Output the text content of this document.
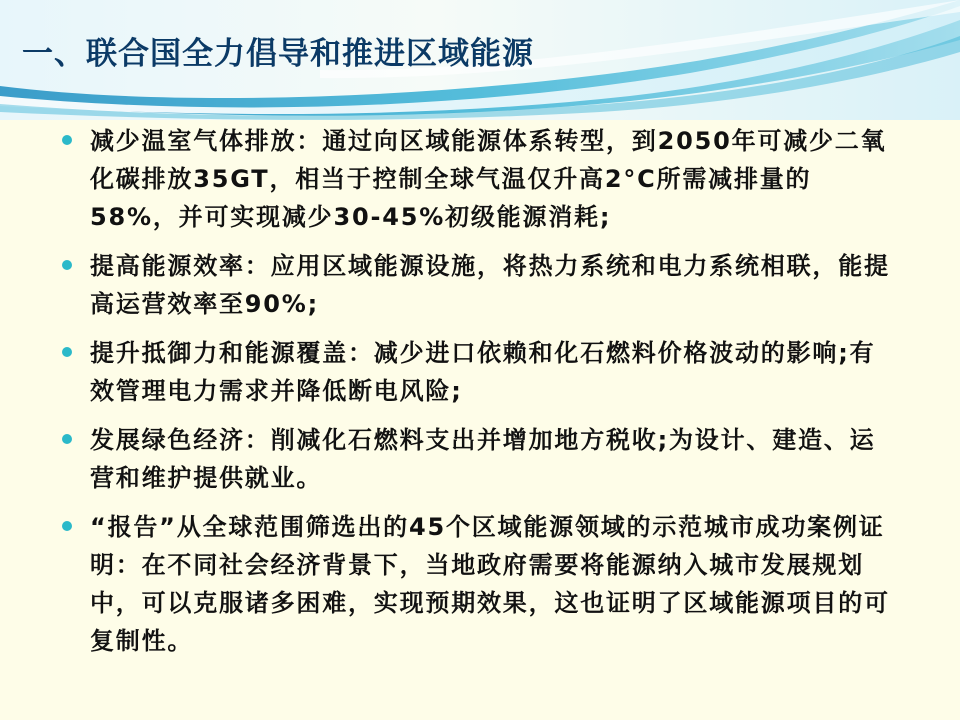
一、联合国全力倡导和推进区域能源
减少温室气体排放：通过向区域能源体系转型，到2050年可减少二氧化碳排放35GT，相当于控制全球气温仅升高2°C所需减排量的58%，并可实现减少30-45%初级能源消耗;
提高能源效率：应用区域能源设施，将热力系统和电力系统相联，能提高运营效率至90%;
提升抵御力和能源覆盖：减少进口依赖和化石燃料价格波动的影响;有效管理电力需求并降低断电风险;
发展绿色经济：削减化石燃料支出并增加地方税收;为设计、建造、运营和维护提供就业。
“报告”从全球范围筛选出的45个区域能源领域的示范城市成功案例证明：在不同社会经济背景下，当地政府需要将能源纳入城市发展规划中，可以克服诸多困难，实现预期效果，这也证明了区域能源项目的可复制性。
